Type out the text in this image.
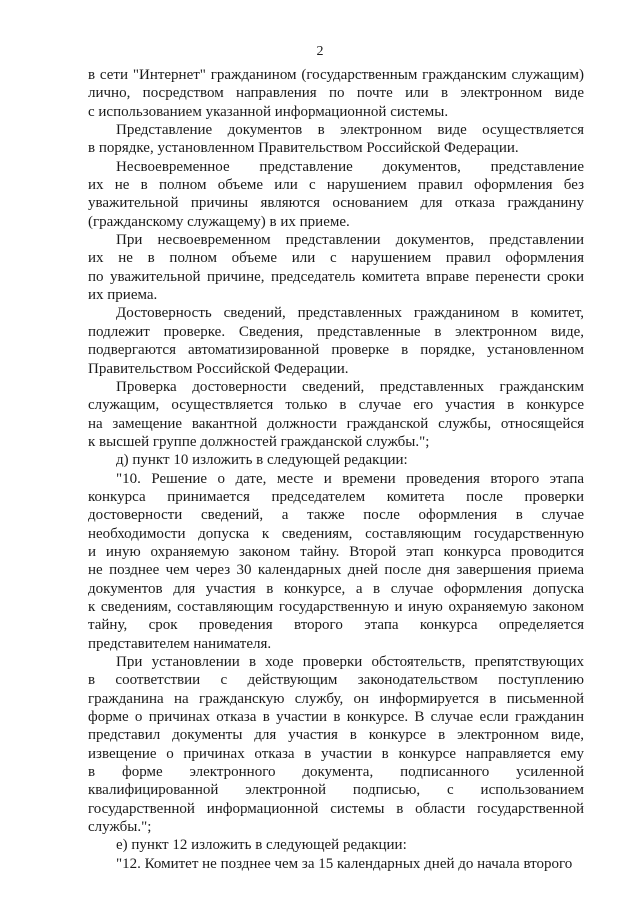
2
в сети "Интернет" гражданином (государственным гражданским служащим)
лично, посредством направления по почте или в электронном виде
с использованием указанной информационной системы.
Представление документов в электронном виде осуществляется
в порядке, установленном Правительством Российской Федерации.
Несвоевременное представление документов, представление
их не в полном объеме или с нарушением правил оформления без
уважительной причины являются основанием для отказа гражданину
(гражданскому служащему) в их приеме.
При несвоевременном представлении документов, представлении
их не в полном объеме или с нарушением правил оформления
по уважительной причине, председатель комитета вправе перенести сроки
их приема.
Достоверность сведений, представленных гражданином в комитет,
подлежит проверке. Сведения, представленные в электронном виде,
подвергаются автоматизированной проверке в порядке, установленном
Правительством Российской Федерации.
Проверка достоверности сведений, представленных гражданским
служащим, осуществляется только в случае его участия в конкурсе
на замещение вакантной должности гражданской службы, относящейся
к высшей группе должностей гражданской службы.";
д) пункт 10 изложить в следующей редакции:
"10. Решение о дате, месте и времени проведения второго этапа
конкурса принимается председателем комитета после проверки
достоверности сведений, а также после оформления в случае
необходимости допуска к сведениям, составляющим государственную
и иную охраняемую законом тайну. Второй этап конкурса проводится
не позднее чем через 30 календарных дней после дня завершения приема
документов для участия в конкурсе, а в случае оформления допуска
к сведениям, составляющим государственную и иную охраняемую законом
тайну, срок проведения второго этапа конкурса определяется
представителем нанимателя.
При установлении в ходе проверки обстоятельств, препятствующих
в соответствии с действующим законодательством поступлению
гражданина на гражданскую службу, он информируется в письменной
форме о причинах отказа в участии в конкурсе. В случае если гражданин
представил документы для участия в конкурсе в электронном виде,
извещение о причинах отказа в участии в конкурсе направляется ему
в форме электронного документа, подписанного усиленной
квалифицированной электронной подписью, с использованием
государственной информационной системы в области государственной
службы.";
е) пункт 12 изложить в следующей редакции:
"12. Комитет не позднее чем за 15 календарных дней до начала второго
